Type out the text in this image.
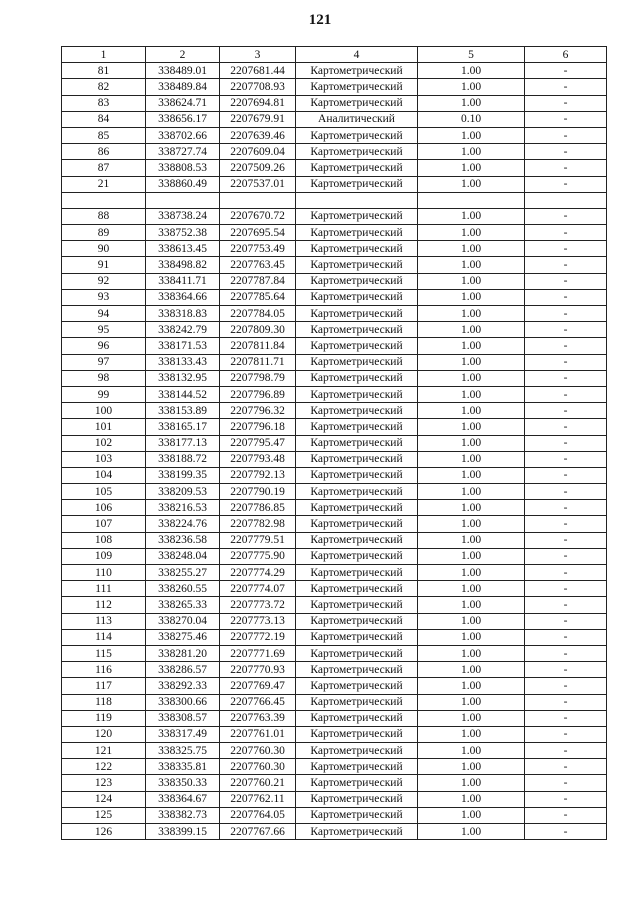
121
1	2	3	4	5	6
81	338489.01	2207681.44	Картометрический	1.00	-
82	338489.84	2207708.93	Картометрический	1.00	-
83	338624.71	2207694.81	Картометрический	1.00	-
84	338656.17	2207679.91	Аналитический	0.10	-
85	338702.66	2207639.46	Картометрический	1.00	-
86	338727.74	2207609.04	Картометрический	1.00	-
87	338808.53	2207509.26	Картометрический	1.00	-
21	338860.49	2207537.01	Картометрический	1.00	-

88	338738.24	2207670.72	Картометрический	1.00	-
89	338752.38	2207695.54	Картометрический	1.00	-
90	338613.45	2207753.49	Картометрический	1.00	-
91	338498.82	2207763.45	Картометрический	1.00	-
92	338411.71	2207787.84	Картометрический	1.00	-
93	338364.66	2207785.64	Картометрический	1.00	-
94	338318.83	2207784.05	Картометрический	1.00	-
95	338242.79	2207809.30	Картометрический	1.00	-
96	338171.53	2207811.84	Картометрический	1.00	-
97	338133.43	2207811.71	Картометрический	1.00	-
98	338132.95	2207798.79	Картометрический	1.00	-
99	338144.52	2207796.89	Картометрический	1.00	-
100	338153.89	2207796.32	Картометрический	1.00	-
101	338165.17	2207796.18	Картометрический	1.00	-
102	338177.13	2207795.47	Картометрический	1.00	-
103	338188.72	2207793.48	Картометрический	1.00	-
104	338199.35	2207792.13	Картометрический	1.00	-
105	338209.53	2207790.19	Картометрический	1.00	-
106	338216.53	2207786.85	Картометрический	1.00	-
107	338224.76	2207782.98	Картометрический	1.00	-
108	338236.58	2207779.51	Картометрический	1.00	-
109	338248.04	2207775.90	Картометрический	1.00	-
110	338255.27	2207774.29	Картометрический	1.00	-
111	338260.55	2207774.07	Картометрический	1.00	-
112	338265.33	2207773.72	Картометрический	1.00	-
113	338270.04	2207773.13	Картометрический	1.00	-
114	338275.46	2207772.19	Картометрический	1.00	-
115	338281.20	2207771.69	Картометрический	1.00	-
116	338286.57	2207770.93	Картометрический	1.00	-
117	338292.33	2207769.47	Картометрический	1.00	-
118	338300.66	2207766.45	Картометрический	1.00	-
119	338308.57	2207763.39	Картометрический	1.00	-
120	338317.49	2207761.01	Картометрический	1.00	-
121	338325.75	2207760.30	Картометрический	1.00	-
122	338335.81	2207760.30	Картометрический	1.00	-
123	338350.33	2207760.21	Картометрический	1.00	-
124	338364.67	2207762.11	Картометрический	1.00	-
125	338382.73	2207764.05	Картометрический	1.00	-
126	338399.15	2207767.66	Картометрический	1.00	-
